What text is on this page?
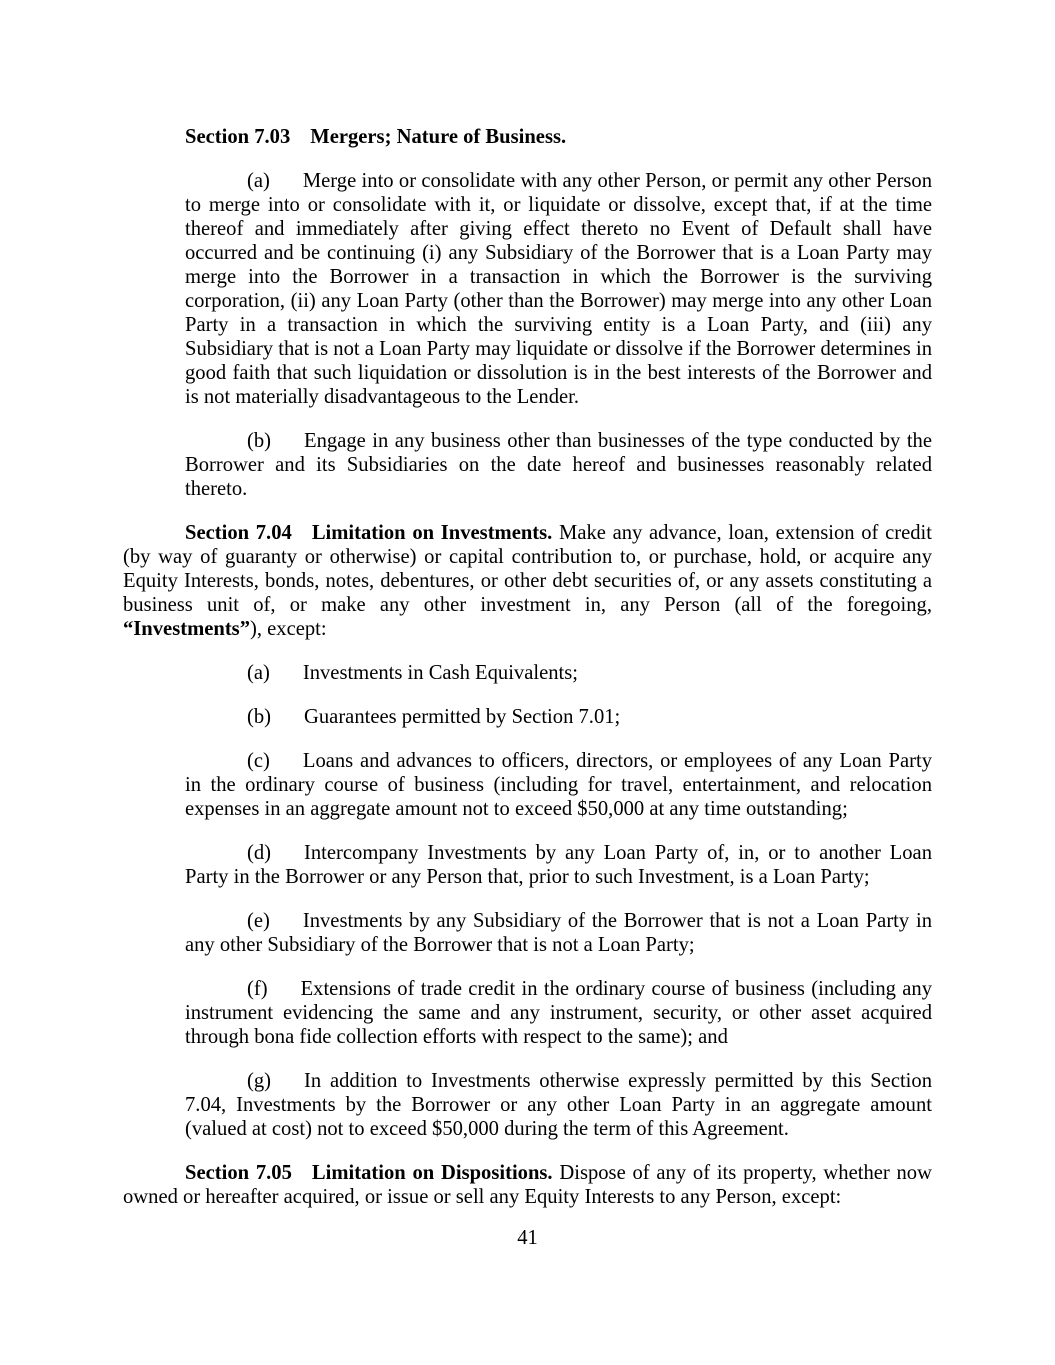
Section 7.03 Mergers; Nature of Business.

(a) Merge into or consolidate with any other Person, or permit any other Person to merge into or consolidate with it, or liquidate or dissolve, except that, if at the time thereof and immediately after giving effect thereto no Event of Default shall have occurred and be continuing (i) any Subsidiary of the Borrower that is a Loan Party may merge into the Borrower in a transaction in which the Borrower is the surviving corporation, (ii) any Loan Party (other than the Borrower) may merge into any other Loan Party in a transaction in which the surviving entity is a Loan Party, and (iii) any Subsidiary that is not a Loan Party may liquidate or dissolve if the Borrower determines in good faith that such liquidation or dissolution is in the best interests of the Borrower and is not materially disadvantageous to the Lender.

(b) Engage in any business other than businesses of the type conducted by the Borrower and its Subsidiaries on the date hereof and businesses reasonably related thereto.

Section 7.04 Limitation on Investments. Make any advance, loan, extension of credit (by way of guaranty or otherwise) or capital contribution to, or purchase, hold, or acquire any Equity Interests, bonds, notes, debentures, or other debt securities of, or any assets constituting a business unit of, or make any other investment in, any Person (all of the foregoing, “Investments”), except:

(a) Investments in Cash Equivalents;

(b) Guarantees permitted by Section 7.01;

(c) Loans and advances to officers, directors, or employees of any Loan Party in the ordinary course of business (including for travel, entertainment, and relocation expenses in an aggregate amount not to exceed $50,000 at any time outstanding;

(d) Intercompany Investments by any Loan Party of, in, or to another Loan Party in the Borrower or any Person that, prior to such Investment, is a Loan Party;

(e) Investments by any Subsidiary of the Borrower that is not a Loan Party in any other Subsidiary of the Borrower that is not a Loan Party;

(f) Extensions of trade credit in the ordinary course of business (including any instrument evidencing the same and any instrument, security, or other asset acquired through bona fide collection efforts with respect to the same); and

(g) In addition to Investments otherwise expressly permitted by this Section 7.04, Investments by the Borrower or any other Loan Party in an aggregate amount (valued at cost) not to exceed $50,000 during the term of this Agreement.

Section 7.05 Limitation on Dispositions. Dispose of any of its property, whether now owned or hereafter acquired, or issue or sell any Equity Interests to any Person, except:

41
